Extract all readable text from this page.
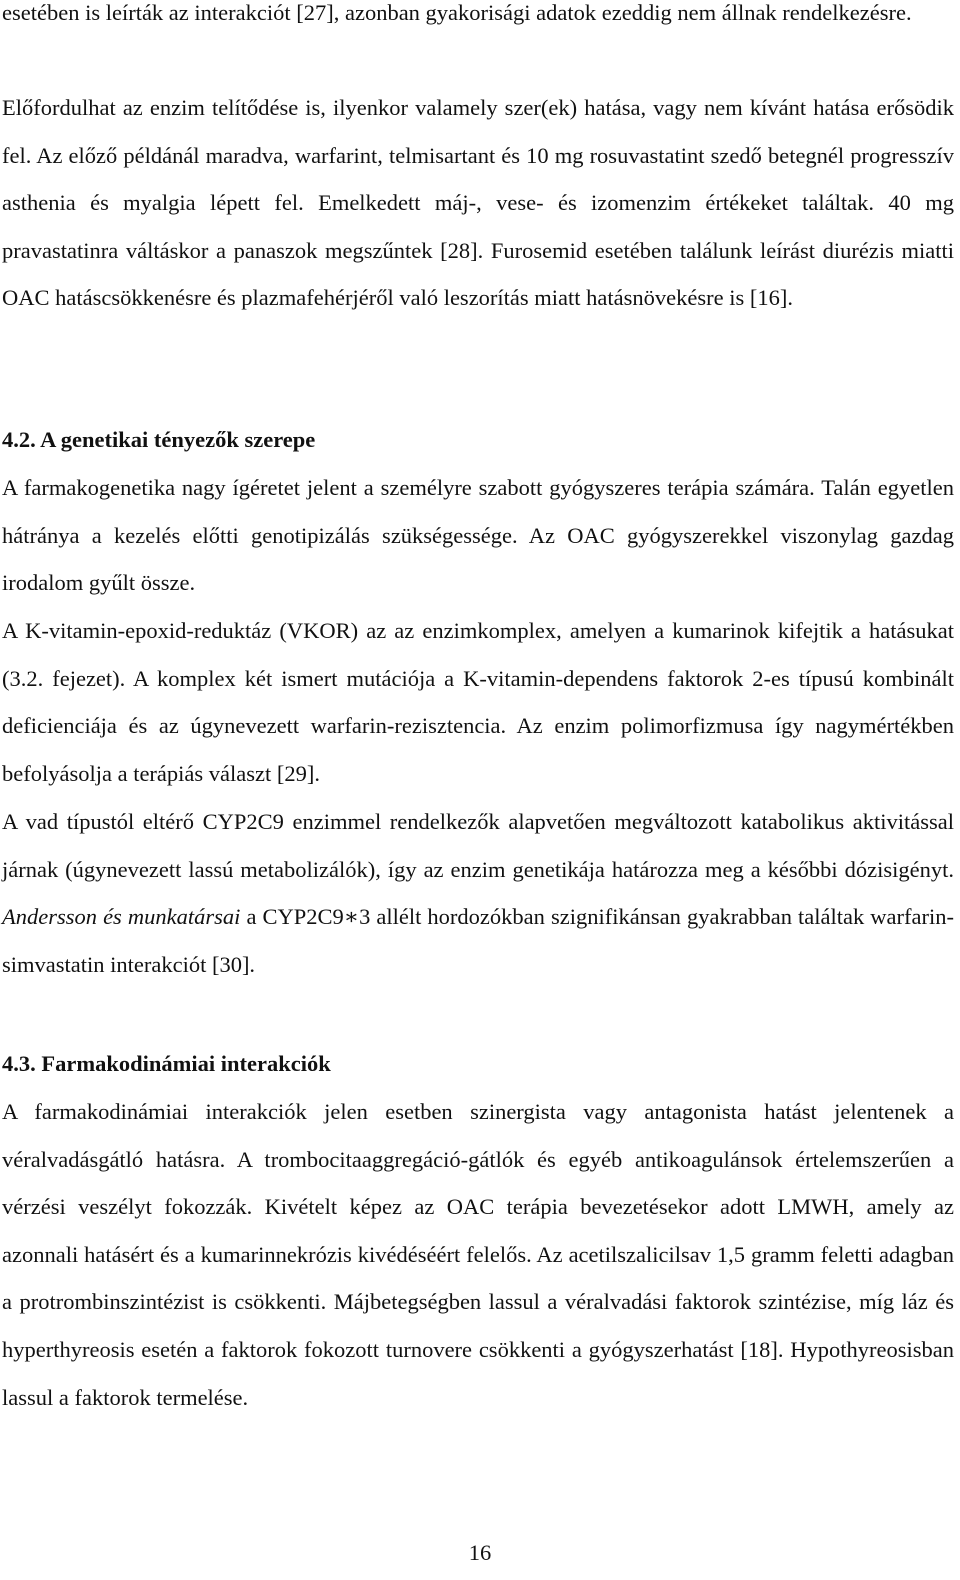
esetében is leírták az interakciót [27], azonban gyakorisági adatok ezeddig nem állnak rendelkezésre.

Előfordulhat az enzim telítődése is, ilyenkor valamely szer(ek) hatása, vagy nem kívánt hatása erősödik fel. Az előző példánál maradva, warfarint, telmisartant és 10 mg rosuvastatint szedő betegnél progresszív asthenia és myalgia lépett fel. Emelkedett máj-, vese- és izomenzim értékeket találtak. 40 mg pravastatinra váltáskor a panaszok megszűntek [28]. Furosemid esetében találunk leírást diurézis miatti OAC hatáscsökkenésre és plazmafehérjéről való leszorítás miatt hatásnövekésre is [16].

4.2. A genetikai tényezők szerepe

A farmakogenetika nagy ígéretet jelent a személyre szabott gyógyszeres terápia számára. Talán egyetlen hátránya a kezelés előtti genotipizálás szükségessége. Az OAC gyógyszerekkel viszonylag gazdag irodalom gyűlt össze.

A K-vitamin-epoxid-reduktáz (VKOR) az az enzimkomplex, amelyen a kumarinok kifejtik a hatásukat (3.2. fejezet). A komplex két ismert mutációja a K-vitamin-dependens faktorok 2-es típusú kombinált deficienciája és az úgynevezett warfarin-rezisztencia. Az enzim polimorfizmusa így nagymértékben befolyásolja a terápiás választ [29].

A vad típustól eltérő CYP2C9 enzimmel rendelkezők alapvetően megváltozott katabolikus aktivitással járnak (úgynevezett lassú metabolizálók), így az enzim genetikája határozza meg a későbbi dózisigényt. Andersson és munkatársai a CYP2C9∗3 allélt hordozókban szignifikánsan gyakrabban találtak warfarin-simvastatin interakciót [30].

4.3. Farmakodinámiai interakciók

A farmakodinámiai interakciók jelen esetben szinergista vagy antagonista hatást jelentenek a véralvadásgátló hatásra. A trombocitaaggregáció-gátlók és egyéb antikoagulánsok értelemszerűen a vérzési veszélyt fokozzák. Kivételt képez az OAC terápia bevezetésekor adott LMWH, amely az azonnali hatásért és a kumarinnekrózis kivédéséért felelős. Az acetilszalicilsav 1,5 gramm feletti adagban a protrombinszintézist is csökkenti. Májbetegségben lassul a véralvadási faktorok szintézise, míg láz és hyperthyreosis esetén a faktorok fokozott turnovere csökkenti a gyógyszerhatást [18]. Hypothyreosisban lassul a faktorok termelése.

16
